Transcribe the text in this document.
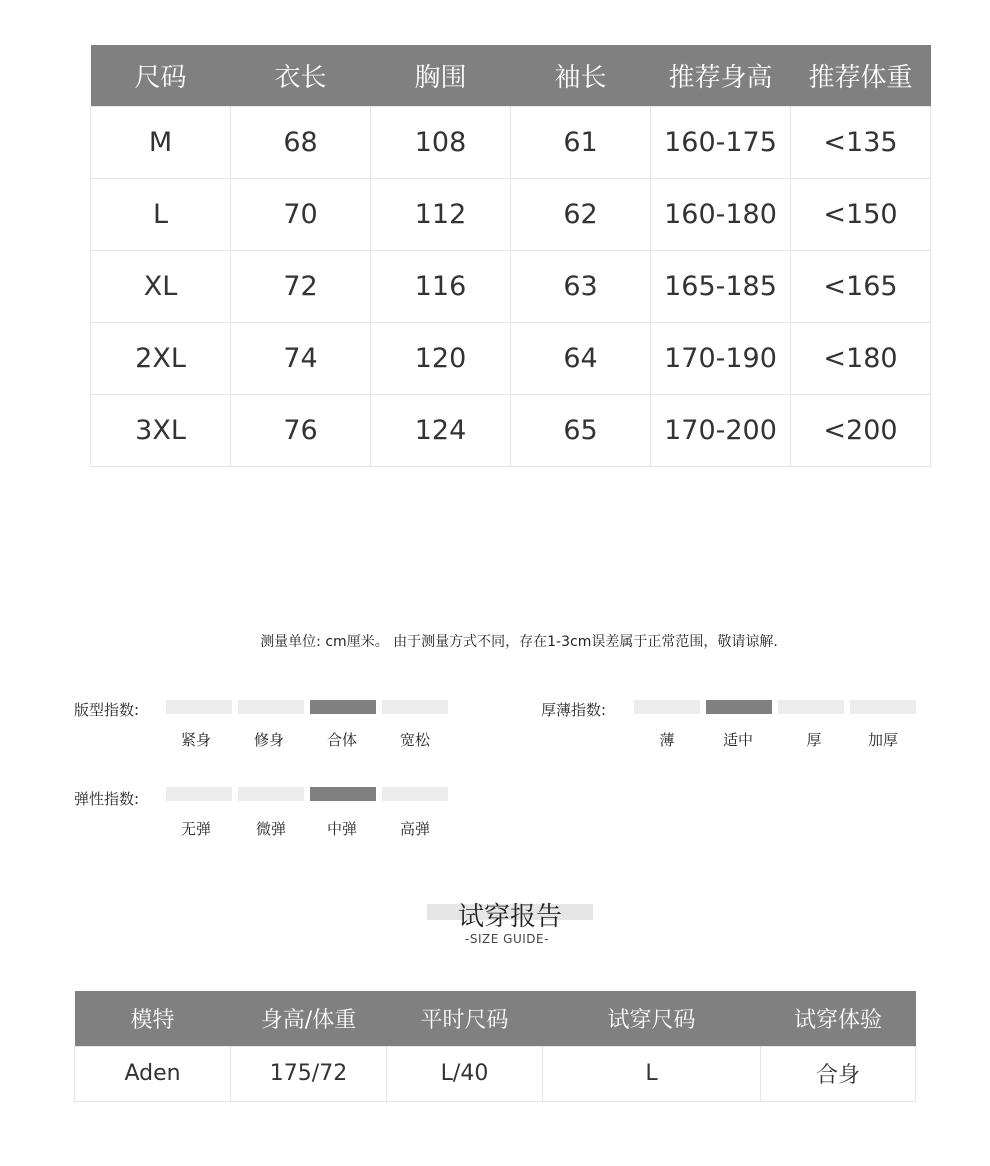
尺码	衣长	胸围	袖长	推荐身高	推荐体重
M	68	108	61	160-175	<135
L	70	112	62	160-180	<150
XL	72	116	63	165-185	<165
2XL	74	120	64	170-190	<180
3XL	76	124	65	170-200	<200
测量单位: cm厘米。 由于测量方式不同，存在1-3cm误差属于正常范围，敬请谅解.
版型指数:
紧身	修身	合体	宽松
厚薄指数:
薄	适中	厚	加厚
弹性指数:
无弹	微弹	中弹	高弹
试穿报告
-SIZE GUIDE-
模特	身高/体重	平时尺码	试穿尺码	试穿体验
Aden	175/72	L/40	L	合身
